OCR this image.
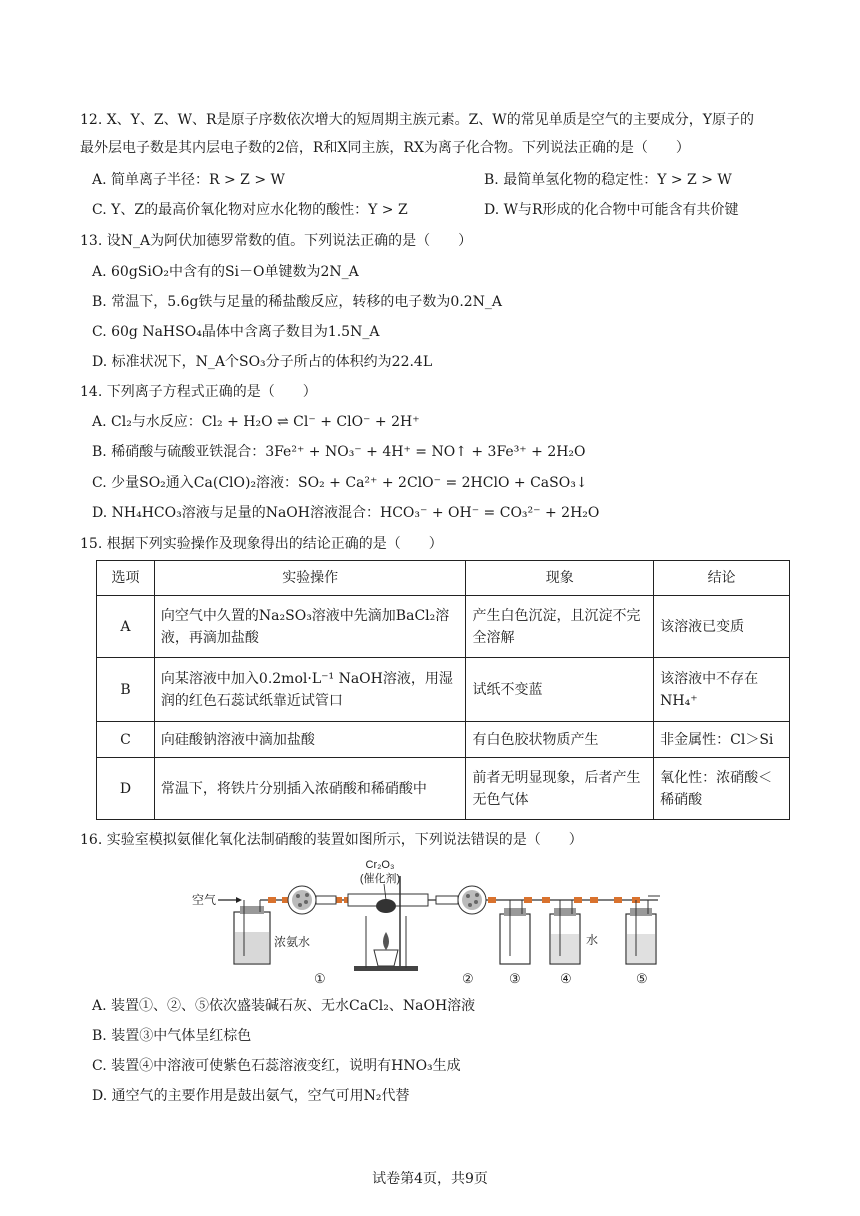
12. X、Y、Z、W、R是原子序数依次增大的短周期主族元素。Z、W的常见单质是空气的主要成分，Y原子的
最外层电子数是其内层电子数的2倍，R和X同主族，RX为离子化合物。下列说法正确的是（　　）
A. 简单离子半径：R > Z > W	B. 最简单氢化物的稳定性：Y > Z > W
C. Y、Z的最高价氧化物对应水化物的酸性：Y > Z	D. W与R形成的化合物中可能含有共价键
13. 设N_A为阿伏加德罗常数的值。下列说法正确的是（　　）
A. 60gSiO₂中含有的Si－O单键数为2N_A
B. 常温下，5.6g铁与足量的稀盐酸反应，转移的电子数为0.2N_A
C. 60g NaHSO₄晶体中含离子数目为1.5N_A
D. 标准状况下，N_A个SO₃分子所占的体积约为22.4L
14. 下列离子方程式正确的是（　　）
A. Cl₂与水反应：Cl₂ + H₂O ⇌ Cl⁻ + ClO⁻ + 2H⁺
B. 稀硝酸与硫酸亚铁混合：3Fe²⁺ + NO₃⁻ + 4H⁺ = NO↑ + 3Fe³⁺ + 2H₂O
C. 少量SO₂通入Ca(ClO)₂溶液：SO₂ + Ca²⁺ + 2ClO⁻ = 2HClO + CaSO₃↓
D. NH₄HCO₃溶液与足量的NaOH溶液混合：HCO₃⁻ + OH⁻ = CO₃²⁻ + 2H₂O
15. 根据下列实验操作及现象得出的结论正确的是（　　）
选项	实验操作	现象	结论
A	向空气中久置的Na₂SO₃溶液中先滴加BaCl₂溶液，再滴加盐酸	产生白色沉淀，且沉淀不完全溶解	该溶液已变质
B	向某溶液中加入0.2mol·L⁻¹ NaOH溶液，用湿润的红色石蕊试纸靠近试管口	试纸不变蓝	该溶液中不存在NH₄⁺
C	向硅酸钠溶液中滴加盐酸	有白色胶状物质产生	非金属性：Cl＞Si
D	常温下，将铁片分别插入浓硝酸和稀硝酸中	前者无明显现象，后者产生无色气体	氧化性：浓硝酸＜稀硝酸
16. 实验室模拟氨催化氧化法制硝酸的装置如图所示，下列说法错误的是（　　）
空气
浓氨水
Cr₂O₃
(催化剂)
水
①	②	③	④	⑤
A. 装置①、②、⑤依次盛装碱石灰、无水CaCl₂、NaOH溶液
B. 装置③中气体呈红棕色
C. 装置④中溶液可使紫色石蕊溶液变红，说明有HNO₃生成
D. 通空气的主要作用是鼓出氨气，空气可用N₂代替
试卷第4页，共9页
